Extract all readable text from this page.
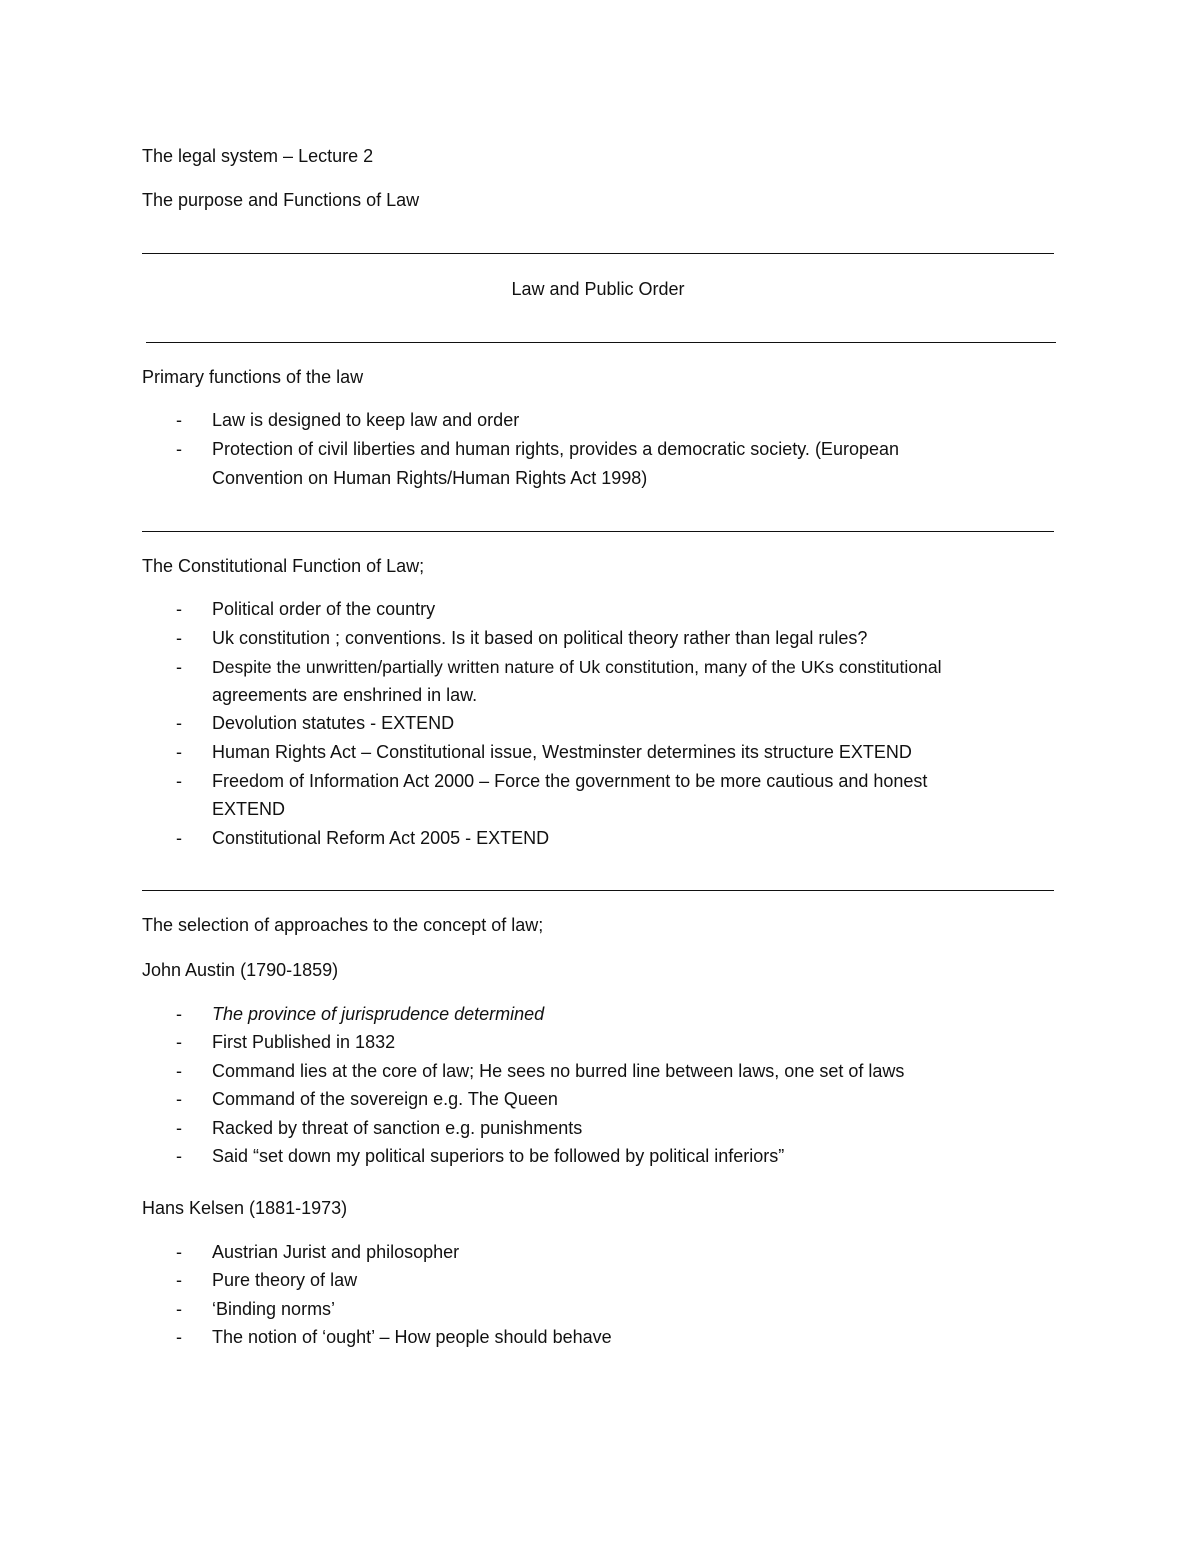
The legal system – Lecture 2
The purpose and Functions of Law
Law and Public Order
Primary functions of the law
- Law is designed to keep law and order
- Protection of civil liberties and human rights, provides a democratic society. (European
Convention on Human Rights/Human Rights Act 1998)
The Constitutional Function of Law;
- Political order of the country
- Uk constitution ; conventions. Is it based on political theory rather than legal rules?
- Despite the unwritten/partially written nature of Uk constitution, many of the UKs constitutional
agreements are enshrined in law.
- Devolution statutes - EXTEND
- Human Rights Act – Constitutional issue, Westminster determines its structure EXTEND
- Freedom of Information Act 2000 – Force the government to be more cautious and honest
EXTEND
- Constitutional Reform Act 2005 - EXTEND
The selection of approaches to the concept of law;
John Austin (1790-1859)
- The province of jurisprudence determined
- First Published in 1832
- Command lies at the core of law; He sees no burred line between laws, one set of laws
- Command of the sovereign e.g. The Queen
- Racked by threat of sanction e.g. punishments
- Said “set down my political superiors to be followed by political inferiors”
Hans Kelsen (1881-1973)
- Austrian Jurist and philosopher
- Pure theory of law
- ‘Binding norms’
- The notion of ‘ought’ – How people should behave
